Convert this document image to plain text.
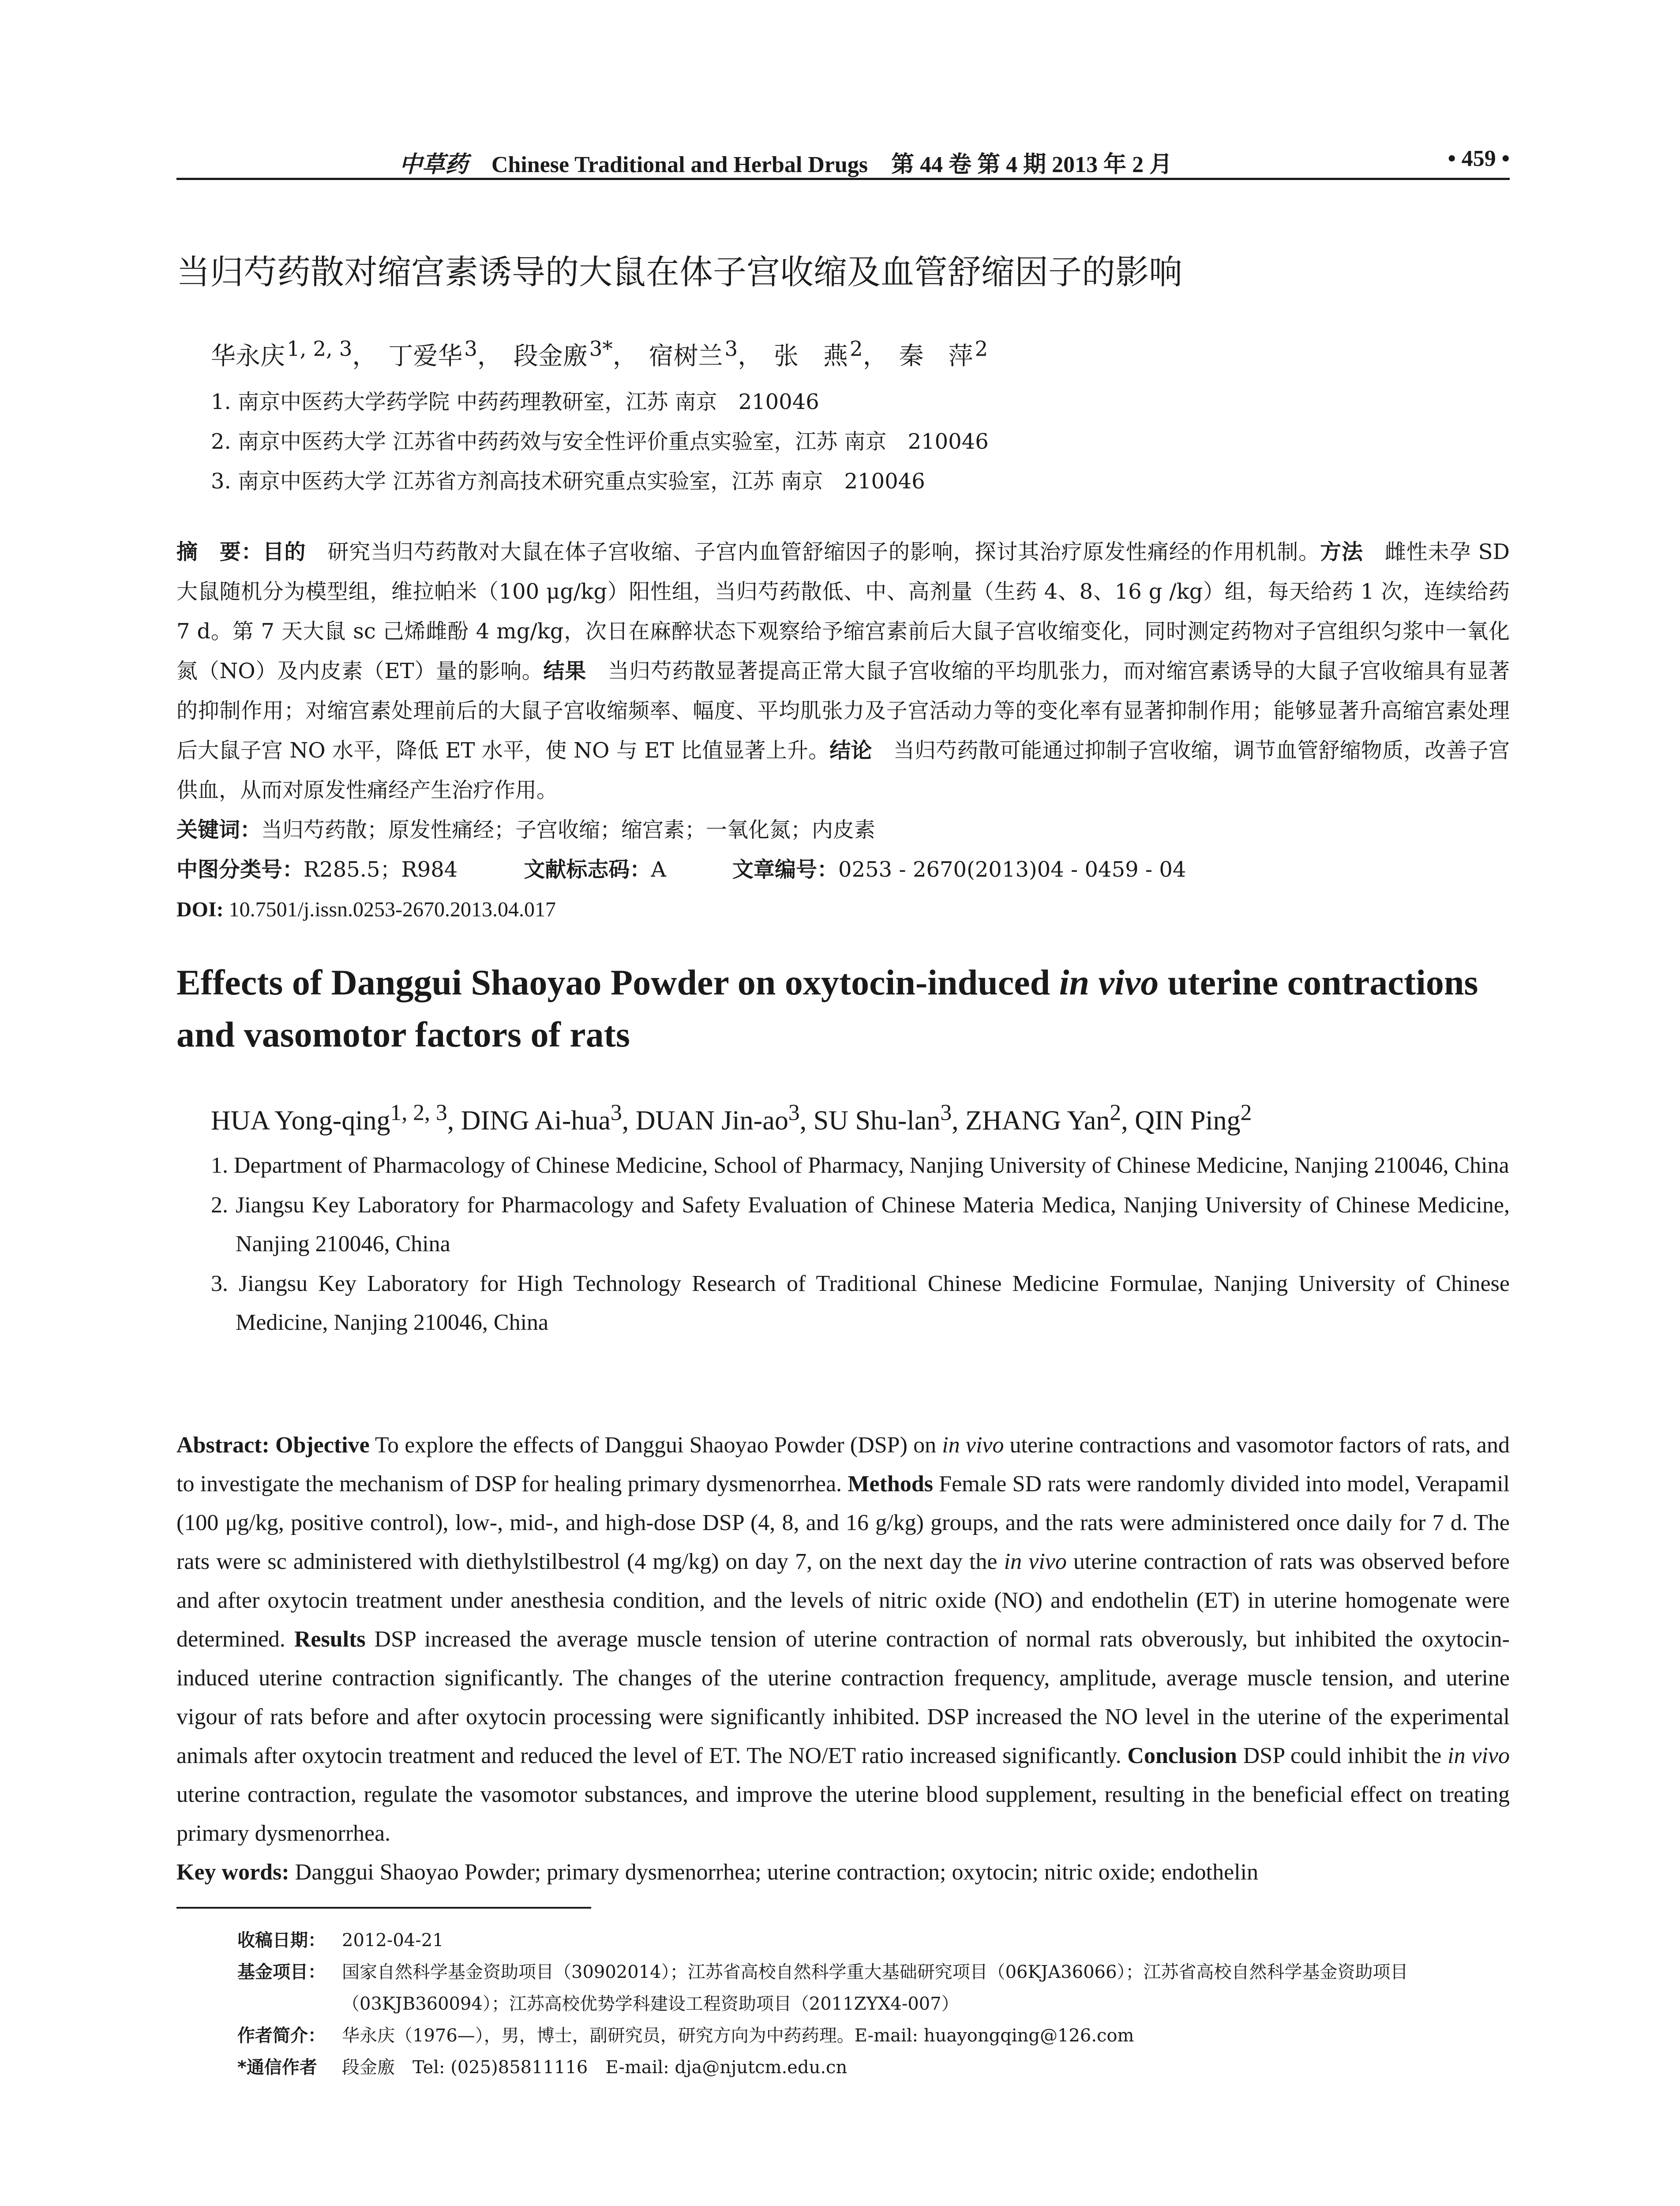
中草药 Chinese Traditional and Herbal Drugs 第 44 卷 第 4 期 2013 年 2 月	• 459 •
当归芍药散对缩宫素诱导的大鼠在体子宫收缩及血管舒缩因子的影响
华永庆$^{1, 2, 3}$， 丁爱华$^3$， 段金廒$^{3*}$， 宿树兰$^3$， 张　燕$^2$， 秦　萍$^2$
1. 南京中医药大学药学院 中药药理教研室，江苏 南京　210046
2. 南京中医药大学 江苏省中药药效与安全性评价重点实验室，江苏 南京　210046
3. 南京中医药大学 江苏省方剂高技术研究重点实验室，江苏 南京　210046

摘　要：目的　研究当归芍药散对大鼠在体子宫收缩、子宫内血管舒缩因子的影响，探讨其治疗原发性痛经的作用机制。方法　雌性未孕 SD 大鼠随机分为模型组，维拉帕米（100 μg/kg）阳性组，当归芍药散低、中、高剂量（生药 4、8、16 g /kg）组，每天给药 1 次，连续给药 7 d。第 7 天大鼠 sc 己烯雌酚 4 mg/kg，次日在麻醉状态下观察给予缩宫素前后大鼠子宫收缩变化，同时测定药物对子宫组织匀浆中一氧化氮（NO）及内皮素（ET）量的影响。结果　当归芍药散显著提高正常大鼠子宫收缩的平均肌张力，而对缩宫素诱导的大鼠子宫收缩具有显著的抑制作用；对缩宫素处理前后的大鼠子宫收缩频率、幅度、平均肌张力及子宫活动力等的变化率有显著抑制作用；能够显著升高缩宫素处理后大鼠子宫 NO 水平，降低 ET 水平，使 NO 与 ET 比值显著上升。结论　当归芍药散可能通过抑制子宫收缩，调节血管舒缩物质，改善子宫供血，从而对原发性痛经产生治疗作用。

关键词：当归芍药散；原发性痛经；子宫收缩；缩宫素；一氧化氮；内皮素

中图分类号：R285.5；R984	文献标志码：A	文章编号：0253 - 2670(2013)04 - 0459 - 04

DOI: 10.7501/j.issn.0253-2670.2013.04.017

Effects of Danggui Shaoyao Powder on oxytocin-induced in vivo uterine contractions and vasomotor factors of rats
HUA Yong-qing$^{1, 2, 3}$, DING Ai-hua$^3$, DUAN Jin-$ao^3$, SU Shu-lan$^3$, ZHANG Yan$^2$, QIN Ping$^2$
1. Department of Pharmacology of Chinese Medicine, School of Pharmacy, Nanjing University of Chinese Medicine, Nanjing 210046, China
2. Jiangsu Key Laboratory for Pharmacology and Safety Evaluation of Chinese Materia Medica, Nanjing University of Chinese Medicine, Nanjing 210046, China
3. Jiangsu Key Laboratory for High Technology Research of Traditional Chinese Medicine Formulae, Nanjing University of Chinese Medicine, Nanjing 210046, China

Abstract: Objective To explore the effects of Danggui Shaoyao Powder (DSP) on in vivo uterine contractions and vasomotor factors of rats, and to investigate the mechanism of DSP for healing primary dysmenorrhea. Methods Female SD rats were randomly divided into model, Verapamil (100 μg/kg, positive control), low-, mid-, and high-dose DSP (4, 8, and 16 g/kg) groups, and the rats were administered once daily for 7 d. The rats were sc administered with diethylstilbestrol (4 mg/kg) on day 7, on the next day the in vivo uterine contraction of rats was observed before and after oxytocin treatment under anesthesia condition, and the levels of nitric oxide (NO) and endothelin (ET) in uterine homogenate were determined. Results DSP increased the average muscle tension of uterine contraction of normal rats obverously, but inhibited the oxytocin-induced uterine contraction significantly. The changes of the uterine contraction frequency, amplitude, average muscle tension, and uterine vigour of rats before and after oxytocin processing were significantly inhibited. DSP increased the NO level in the uterine of the experimental animals after oxytocin treatment and reduced the level of ET. The NO/ET ratio increased significantly. Conclusion DSP could inhibit the in vivo uterine contraction, regulate the vasomotor substances, and improve the uterine blood supplement, resulting in the beneficial effect on treating primary dysmenorrhea.

Key words: Danggui Shaoyao Powder; primary dysmenorrhea; uterine contraction; oxytocin; nitric oxide; endothelin

收稿日期： 2012-04-21
基金项目： 国家自然科学基金资助项目（30902014）；江苏省高校自然科学重大基础研究项目（06KJA36066）；江苏省高校自然科学基金资助项目（03KJB360094）；江苏高校优势学科建设工程资助项目（2011ZYX4-007）
作者简介： 华永庆（1976—），男，博士，副研究员，研究方向为中药药理。E-mail: huayongqing@126.com
*通信作者 段金廒　Tel: (025)85811116　E-mail: dja@njutcm.edu.cn
